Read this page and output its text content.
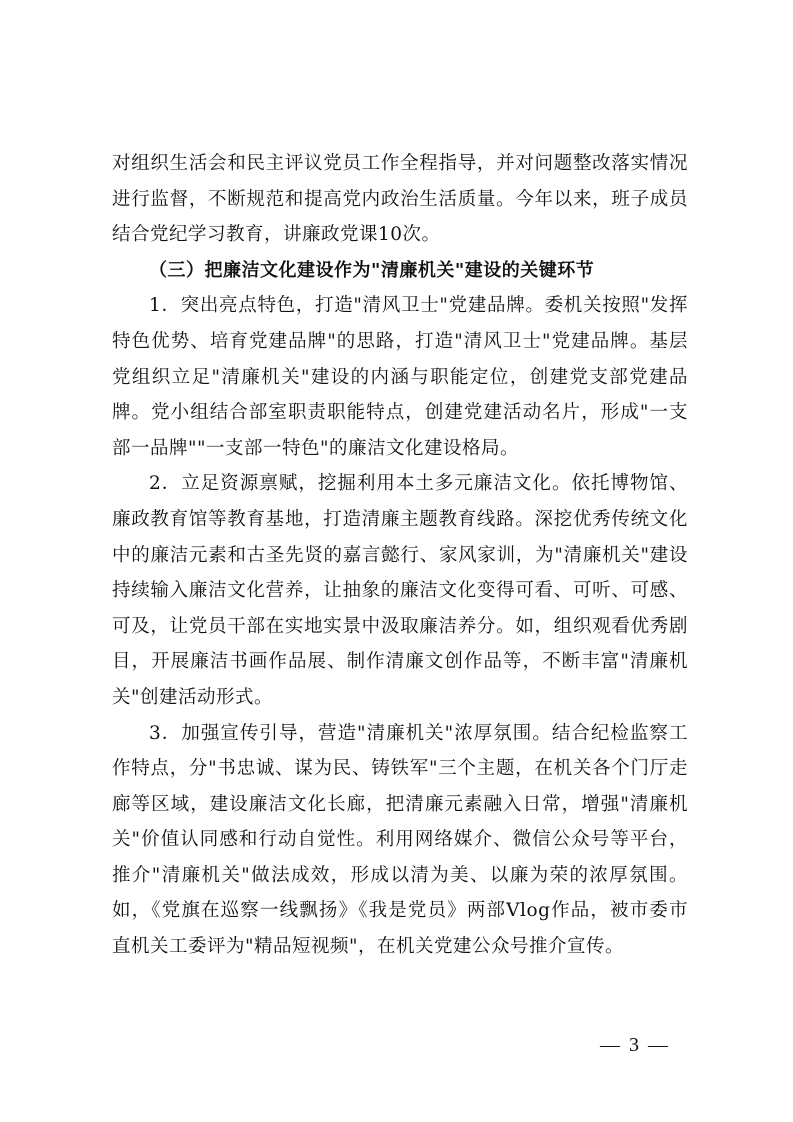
对组织生活会和民主评议党员工作全程指导，并对问题整改落实情况进行监督，不断规范和提高党内政治生活质量。今年以来，班子成员结合党纪学习教育，讲廉政党课10次。

（三）把廉洁文化建设作为"清廉机关"建设的关键环节

1．突出亮点特色，打造"清风卫士"党建品牌。委机关按照"发挥特色优势、培育党建品牌"的思路，打造"清风卫士"党建品牌。基层党组织立足"清廉机关"建设的内涵与职能定位，创建党支部党建品牌。党小组结合部室职责职能特点，创建党建活动名片，形成"一支部一品牌""一支部一特色"的廉洁文化建设格局。

2．立足资源禀赋，挖掘利用本土多元廉洁文化。依托博物馆、廉政教育馆等教育基地，打造清廉主题教育线路。深挖优秀传统文化中的廉洁元素和古圣先贤的嘉言懿行、家风家训，为"清廉机关"建设持续输入廉洁文化营养，让抽象的廉洁文化变得可看、可听、可感、可及，让党员干部在实地实景中汲取廉洁养分。如，组织观看优秀剧目，开展廉洁书画作品展、制作清廉文创作品等，不断丰富"清廉机关"创建活动形式。

3．加强宣传引导，营造"清廉机关"浓厚氛围。结合纪检监察工作特点，分"书忠诚、谋为民、铸铁军"三个主题，在机关各个门厅走廊等区域，建设廉洁文化长廊，把清廉元素融入日常，增强"清廉机关"价值认同感和行动自觉性。利用网络媒介、微信公众号等平台，推介"清廉机关"做法成效，形成以清为美、以廉为荣的浓厚氛围。如，《党旗在巡察一线飘扬》《我是党员》两部Vlog作品，被市委市直机关工委评为"精品短视频"，在机关党建公众号推介宣传。

— 3 —
